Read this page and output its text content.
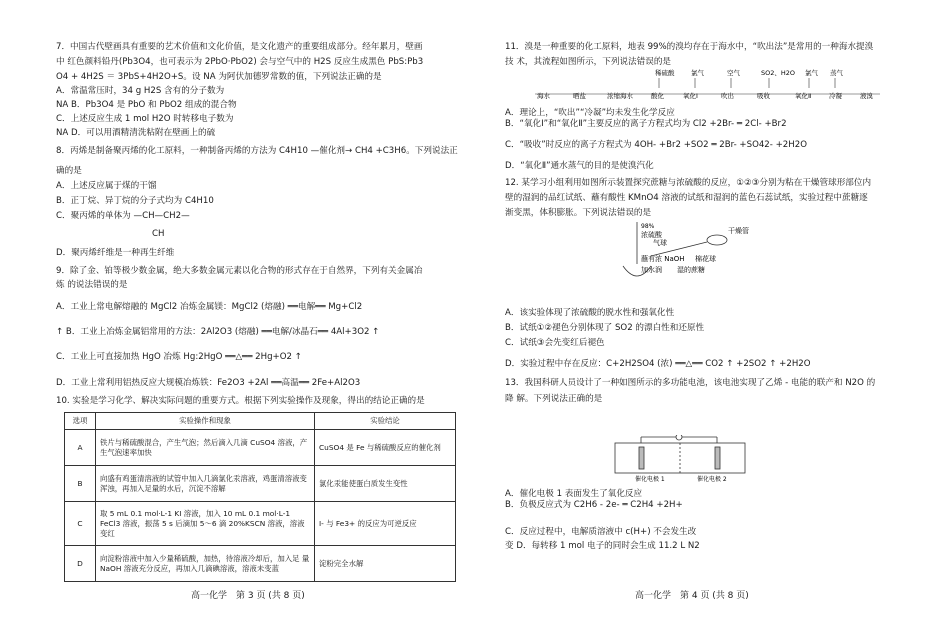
7．中国古代壁画具有重要的艺术价值和文化价值，是文化遗产的重要组成部分。经年累月，壁画
中 红色颜料铅丹(Pb3O4，也可表示为 2PbO·PbO2) 会与空气中的 H2S 反应生成黑色 PbS:Pb3
O4 + 4H2S ＝ 3PbS+4H2O+S。设 NA 为阿伏加德罗常数的值，下列说法正确的是
A．常温常压时，34 g H2S 含有的分子数为
NA B．Pb3O4 是 PbO 和 PbO2 组成的混合物
C．上述反应生成 1 mol H2O 时转移电子数为
NA D．可以用酒精清洗粘附在壁画上的硫
8．丙烯是制备聚丙烯的化工原料，一种制备丙烯的方法为 C4H10 —催化剂→ CH4 +C3H6。下列说法正
确的是
A．上述反应属于煤的干馏
B．正丁烷、异丁烷的分子式均为 C4H10
C．聚丙烯的单体为 —CH—CH2—
CH
D．聚丙烯纤维是一种再生纤维
9．除了金、铂等极少数金属，绝大多数金属元素以化合物的形式存在于自然界，下列有关金属冶
炼 的说法错误的是
A．工业上常电解熔融的 MgCl2 冶炼金属镁：MgCl2 (熔融) ══电解══ Mg+Cl2
↑ B．工业上冶炼金属铝常用的方法：2Al2O3 (熔融) ══电解/冰晶石══ 4Al+3O2 ↑
C．工业上可直接加热 HgO 冶炼 Hg:2HgO ══△══ 2Hg+O2 ↑
D．工业上常利用铝热反应大规模冶炼铁：Fe2O3 +2Al ══高温══ 2Fe+Al2O3
10. 实验是学习化学、解决实际问题的重要方式。根据下列实验操作及现象，得出的结论正确的是
选项	实验操作和现象	实验结论
A	铁片与稀硫酸混合，产生气泡；然后滴入几滴 CuSO4 溶液，产 生气泡速率加快	CuSO4 是 Fe 与稀硫酸反应的催化剂
B	向盛有鸡蛋清溶液的试管中加入几滴氯化汞溶液，鸡蛋清溶液变浑浊，再加入足量的水后，沉淀不溶解	氯化汞能使蛋白质发生变性
C	取 5 mL 0.1 mol·L-1 KI 溶液，加入 10 mL 0.1 mol·L-1 FeCl3 溶液，振荡 5 s 后滴加 5～6 滴 20%KSCN 溶液，溶液变红	I- 与 Fe3+ 的反应为可逆反应
D	向淀粉溶液中加入少量稀硫酸，加热，待溶液冷却后，加入足 量 NaOH 溶液充分反应，再加入几滴碘溶液，溶液未变蓝	淀粉完全水解
高一化学　第 3 页 (共 8 页)
11．溴是一种重要的化工原料，地表 99%的溴均存在于海水中，“吹出法”是常用的一种海水提溴
技 术，其流程如图所示，下列说法错误的是
稀硫酸	氯气	空气	SO2、H2O 氯气 蒸气
海水	晒盐	浓缩海水	酸化	氧化Ⅰ	吹出	吸收	氧化Ⅱ	冷凝	液溴
A．理论上，“吹出”“冷凝”均未发生化学反应
B．“氧化Ⅰ”和“氧化Ⅱ”主要反应的离子方程式均为 Cl2 +2Br- ═ 2Cl- +Br2
C．“吸收”时反应的离子方程式为 4OH- +Br2 +SO2 ═ 2Br- +SO42- +2H2O
D．“氧化Ⅱ”通水蒸气的目的是使溴汽化
12. 某学习小组利用如图所示装置探究蔗糖与浓硫酸的反应，①②③分别为粘在干燥管球形部位内
壁的湿润的品红试纸、蘸有酸性 KMnO4 溶液的试纸和湿润的蓝色石蕊试纸，实验过程中蔗糖逐
渐变黑，体积膨胀。下列说法错误的是
98%
浓硫酸
气球
干燥管
棉花球
蘸有浓 NaOH
加水润 湿的蔗糖
A．该实验体现了浓硫酸的脱水性和强氧化性
B．试纸①②褪色分别体现了 SO2 的漂白性和还原性
C．试纸③会先变红后褪色
D．实验过程中存在反应：C+2H2SO4 (浓) ══△══ CO2 ↑ +2SO2 ↑ +2H2O
13．我国科研人员设计了一种如图所示的多功能电池，该电池实现了乙烯 - 电能的联产和 N2O 的
降 解。下列说法正确的是
催化电极 1	催化电极 2
A．催化电极 1 表面发生了氧化反应
B．负极反应式为 C2H6 - 2e- ═ C2H4 +2H+
C．反应过程中，电解质溶液中 c(H+) 不会发生改
变 D．每转移 1 mol 电子的同时会生成 11.2 L N2
高一化学　第 4 页 (共 8 页)
